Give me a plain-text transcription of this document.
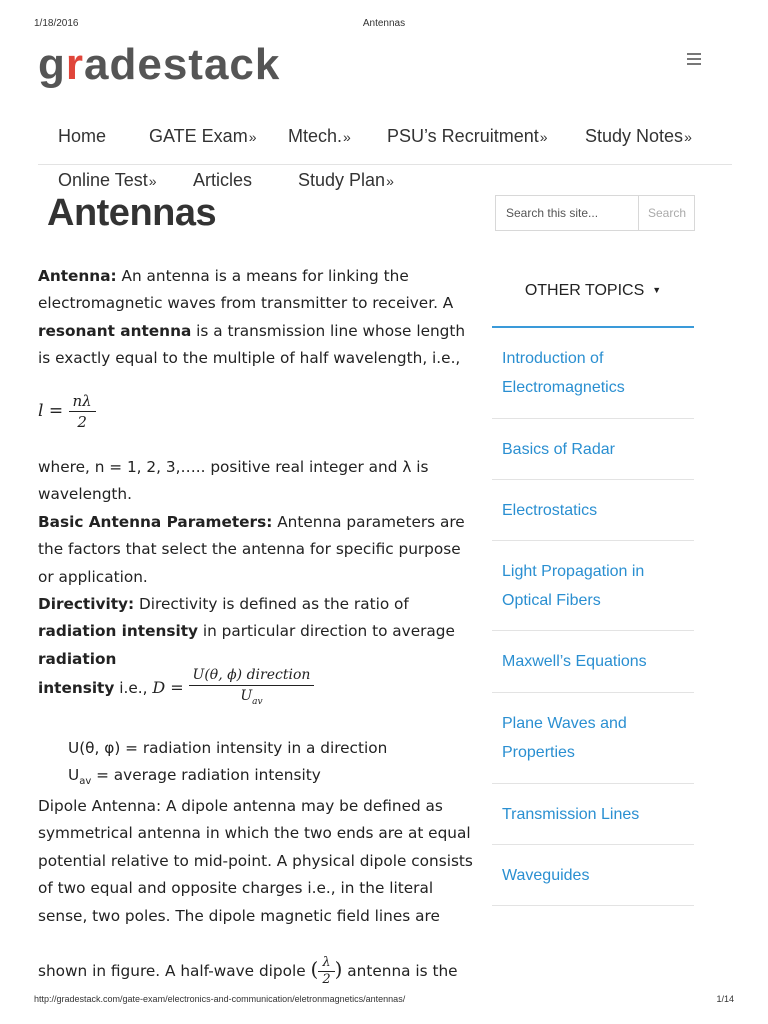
1/18/2016	Antennas
gradestack
Home GATE Exam» Mtech.» PSU’s Recruitment» Study Notes»
Online Test» Articles	Study Plan»
Antennas
Search this site...	Search
OTHER TOPICS ▼
Introduction of
Electromagnetics
Basics of Radar
Electrostatics
Light Propagation in
Optical Fibers
Maxwell’s Equations
Plane Waves and
Properties
Transmission Lines
Waveguides

Antenna: An antenna is a means for linking the electromagnetic waves from transmitter to receiver. A resonant antenna is a transmission line whose length is exactly equal to the multiple of half wavelength, i.e.,

$l = \frac{n\lambda}{2}$

where, n = 1, 2, 3,….. positive real integer and λ is wavelength.

Basic Antenna Parameters: Antenna parameters are the factors that select the antenna for specific purpose or application.

Directivity: Directivity is defined as the ratio of radiation intensity in particular direction to average radiation

intensity i.e., $D = \frac{\text{U(θ, ϕ) direction}}{U_{av}}$

U(θ, φ) = radiation intensity in a direction

$U_{av}$ = average radiation intensity

Dipole Antenna: A dipole antenna may be defined as symmetrical antenna in which the two ends are at equal potential relative to mid-point. A physical dipole consists of two equal and opposite charges i.e., in the literal sense, two poles. The dipole magnetic field lines are

shown in figure. A half-wave dipole ( $\frac{\lambda}{2}$ ) antenna is the
http://gradestack.com/gate-exam/electronics-and-communication/eletronmagnetics/antennas/	1/14
